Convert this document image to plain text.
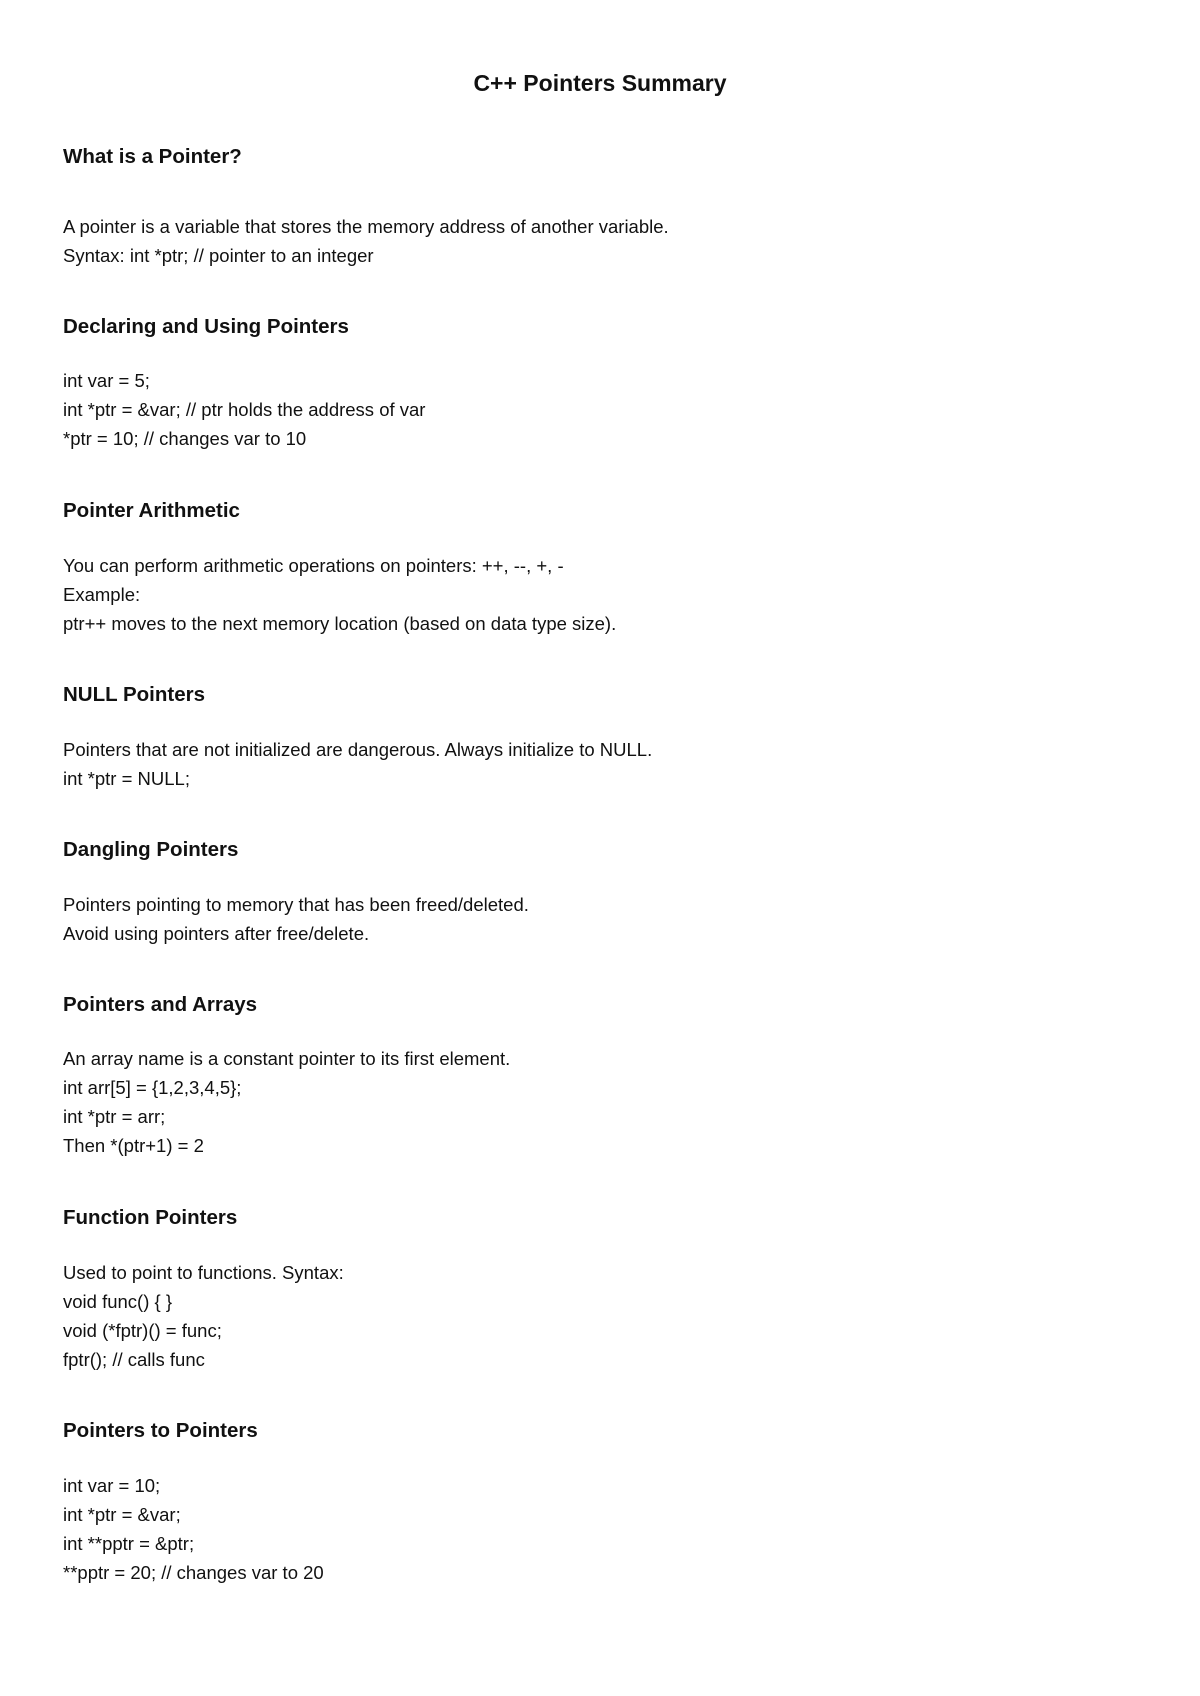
C++ Pointers Summary
What is a Pointer?
A pointer is a variable that stores the memory address of another variable.
Syntax: int *ptr; // pointer to an integer
Declaring and Using Pointers
int var = 5;
int *ptr = &var; // ptr holds the address of var
*ptr = 10; // changes var to 10
Pointer Arithmetic
You can perform arithmetic operations on pointers: ++, --, +, -
Example:
ptr++ moves to the next memory location (based on data type size).
NULL Pointers
Pointers that are not initialized are dangerous. Always initialize to NULL.
int *ptr = NULL;
Dangling Pointers
Pointers pointing to memory that has been freed/deleted.
Avoid using pointers after free/delete.
Pointers and Arrays
An array name is a constant pointer to its first element.
int arr[5] = {1,2,3,4,5};
int *ptr = arr;
Then *(ptr+1) = 2
Function Pointers
Used to point to functions. Syntax:
void func() { }
void (*fptr)() = func;
fptr(); // calls func
Pointers to Pointers
int var = 10;
int *ptr = &var;
int **pptr = &ptr;
**pptr = 20; // changes var to 20
